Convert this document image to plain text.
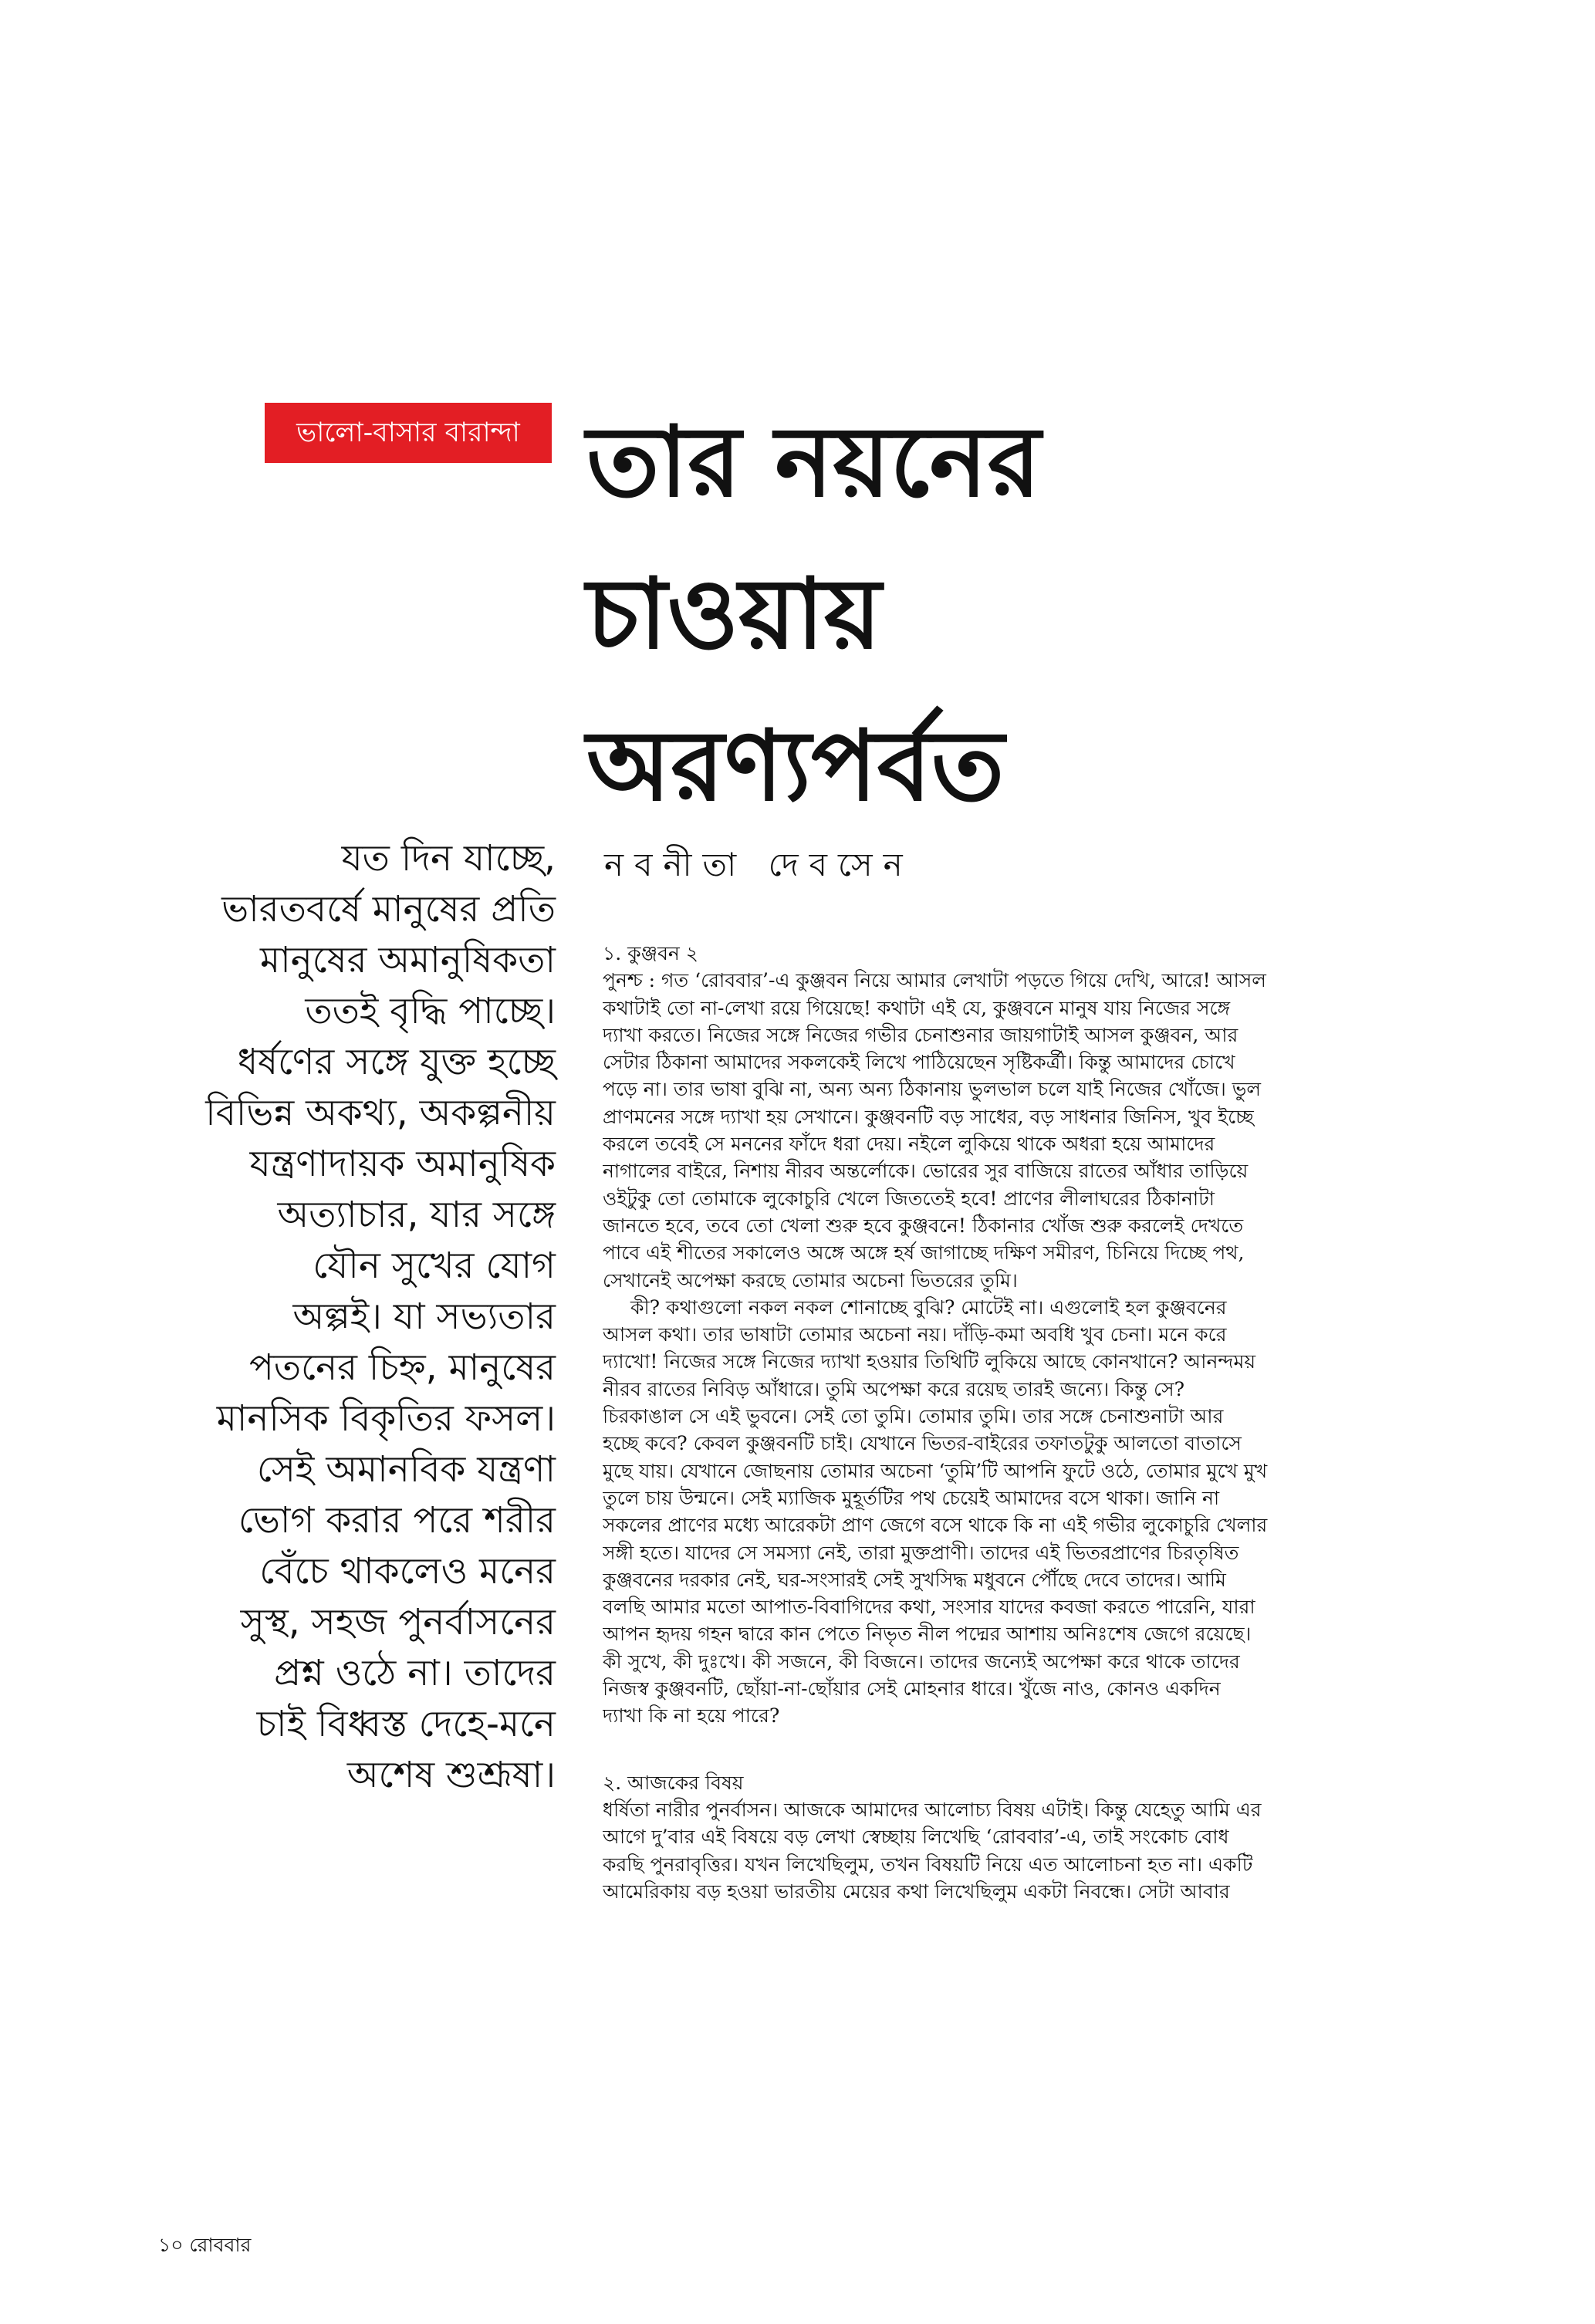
ভালো-বাসার বারান্দা তার নয়নের
চাওয়ায়
অরণ্যপর্বত
নবনীতা দেবসেন
যত দিন যাচ্ছে,
ভারতবর্ষে মানুষের প্রতি
মানুষের অমানুষিকতা
ততই বৃদ্ধি পাচ্ছে।
ধর্ষণের সঙ্গে যুক্ত হচ্ছে
বিভিন্ন অকথ্য, অকল্পনীয়
যন্ত্রণাদায়ক অমানুষিক
অত্যাচার, যার সঙ্গে
যৌন সুখের যোগ
অল্পই। যা সভ্যতার
পতনের চিহ্ন, মানুষের
মানসিক বিকৃতির ফসল।
সেই অমানবিক যন্ত্রণা
ভোগ করার পরে শরীর
বেঁচে থাকলেও মনের
সুস্থ, সহজ পুনর্বাসনের
প্রশ্ন ওঠে না। তাদের
চাই বিধ্বস্ত দেহে-মনে
অশেষ শুশ্রূষা।
১. কুঞ্জবন ২
পুনশ্চ : গত ‘রোববার’-এ কুঞ্জবন নিয়ে আমার লেখাটা পড়তে গিয়ে দেখি, আরে! আসল
কথাটাই তো না-লেখা রয়ে গিয়েছে! কথাটা এই যে, কুঞ্জবনে মানুষ যায় নিজের সঙ্গে
দ্যাখা করতে। নিজের সঙ্গে নিজের গভীর চেনাশুনার জায়গাটাই আসল কুঞ্জবন, আর
সেটার ঠিকানা আমাদের সকলকেই লিখে পাঠিয়েছেন সৃষ্টিকর্ত্রী। কিন্তু আমাদের চোখে
পড়ে না। তার ভাষা বুঝি না, অন্য অন্য ঠিকানায় ভুলভাল চলে যাই নিজের খোঁজে। ভুল
প্রাণমনের সঙ্গে দ্যাখা হয় সেখানে। কুঞ্জবনটি বড় সাধের, বড় সাধনার জিনিস, খুব ইচ্ছে
করলে তবেই সে মননের ফাঁদে ধরা দেয়। নইলে লুকিয়ে থাকে অধরা হয়ে আমাদের
নাগালের বাইরে, নিশায় নীরব অন্তর্লোকে। ভোরের সুর বাজিয়ে রাতের আঁধার তাড়িয়ে
ওইটুকু তো তোমাকে লুকোচুরি খেলে জিততেই হবে! প্রাণের লীলাঘরের ঠিকানাটা
জানতে হবে, তবে তো খেলা শুরু হবে কুঞ্জবনে! ঠিকানার খোঁজ শুরু করলেই দেখতে
পাবে এই শীতের সকালেও অঙ্গে অঙ্গে হর্ষ জাগাচ্ছে দক্ষিণ সমীরণ, চিনিয়ে দিচ্ছে পথ,
সেখানেই অপেক্ষা করছে তোমার অচেনা ভিতরের তুমি।
কী? কথাগুলো নকল নকল শোনাচ্ছে বুঝি? মোটেই না। এগুলোই হল কুঞ্জবনের
আসল কথা। তার ভাষাটা তোমার অচেনা নয়। দাঁড়ি-কমা অবধি খুব চেনা। মনে করে
দ্যাখো! নিজের সঙ্গে নিজের দ্যাখা হওয়ার তিথিটি লুকিয়ে আছে কোনখানে? আনন্দময়
নীরব রাতের নিবিড় আঁধারে। তুমি অপেক্ষা করে রয়েছ তারই জন্যে। কিন্তু সে?
চিরকাঙাল সে এই ভুবনে। সেই তো তুমি। তোমার তুমি। তার সঙ্গে চেনাশুনাটা আর
হচ্ছে কবে? কেবল কুঞ্জবনটি চাই। যেখানে ভিতর-বাইরের তফাতটুকু আলতো বাতাসে
মুছে যায়। যেখানে জোছনায় তোমার অচেনা ‘তুমি’টি আপনি ফুটে ওঠে, তোমার মুখে মুখ
তুলে চায় উন্মনে। সেই ম্যাজিক মুহূর্তটির পথ চেয়েই আমাদের বসে থাকা। জানি না
সকলের প্রাণের মধ্যে আরেকটা প্রাণ জেগে বসে থাকে কি না এই গভীর লুকোচুরি খেলার
সঙ্গী হতে। যাদের সে সমস্যা নেই, তারা মুক্তপ্রাণী। তাদের এই ভিতরপ্রাণের চিরতৃষিত
কুঞ্জবনের দরকার নেই, ঘর-সংসারই সেই সুখসিদ্ধ মধুবনে পৌঁছে দেবে তাদের। আমি
বলছি আমার মতো আপাত-বিবাগিদের কথা, সংসার যাদের কবজা করতে পারেনি, যারা
আপন হৃদয় গহন দ্বারে কান পেতে নিভৃত নীল পদ্মের আশায় অনিঃশেষ জেগে রয়েছে।
কী সুখে, কী দুঃখে। কী সজনে, কী বিজনে। তাদের জন্যেই অপেক্ষা করে থাকে তাদের
নিজস্ব কুঞ্জবনটি, ছোঁয়া-না-ছোঁয়ার সেই মোহনার ধারে। খুঁজে নাও, কোনও একদিন
দ্যাখা কি না হয়ে পারে?
২. আজকের বিষয়
ধর্ষিতা নারীর পুনর্বাসন। আজকে আমাদের আলোচ্য বিষয় এটাই। কিন্তু যেহেতু আমি এর
আগে দু’বার এই বিষয়ে বড় লেখা স্বেচ্ছায় লিখেছি ‘রোববার’-এ, তাই সংকোচ বোধ
করছি পুনরাবৃত্তির। যখন লিখেছিলুম, তখন বিষয়টি নিয়ে এত আলোচনা হত না। একটি
আমেরিকায় বড় হওয়া ভারতীয় মেয়ের কথা লিখেছিলুম একটা নিবন্ধে। সেটা আবার
১০ রোববার
